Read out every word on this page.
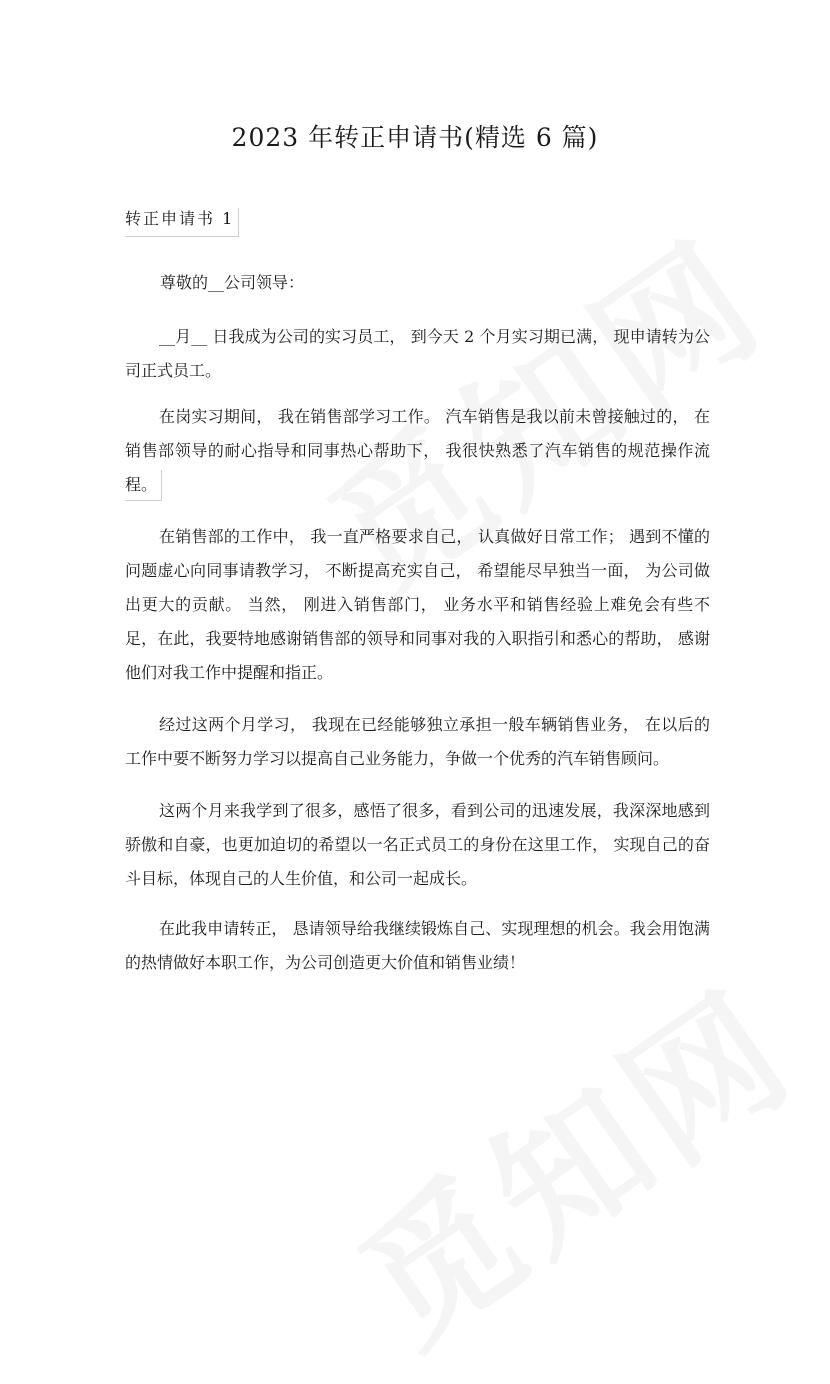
2023 年转正申请书(精选 6 篇)
转正申请书 1
尊敬的__公司领导：

__月__ 日我成为公司的实习员工， 到今天 2 个月实习期已满， 现申请转为公司正式员工。

在岗实习期间， 我在销售部学习工作。 汽车销售是我以前未曾接触过的， 在销售部领导的耐心指导和同事热心帮助下， 我很快熟悉了汽车销售的规范操作流程。

在销售部的工作中， 我一直严格要求自己， 认真做好日常工作； 遇到不懂的问题虚心向同事请教学习， 不断提高充实自己， 希望能尽早独当一面， 为公司做出更大的贡献。 当然， 刚进入销售部门， 业务水平和销售经验上难免会有些不足，在此，我要特地感谢销售部的领导和同事对我的入职指引和悉心的帮助， 感谢他们对我工作中提醒和指正。

经过这两个月学习， 我现在已经能够独立承担一般车辆销售业务， 在以后的工作中要不断努力学习以提高自己业务能力，争做一个优秀的汽车销售顾问。

这两个月来我学到了很多，感悟了很多，看到公司的迅速发展，我深深地感到骄傲和自豪，也更加迫切的希望以一名正式员工的身份在这里工作， 实现自己的奋斗目标，体现自己的人生价值，和公司一起成长。

在此我申请转正， 恳请领导给我继续锻炼自己、实现理想的机会。我会用饱满的热情做好本职工作，为公司创造更大价值和销售业绩！
